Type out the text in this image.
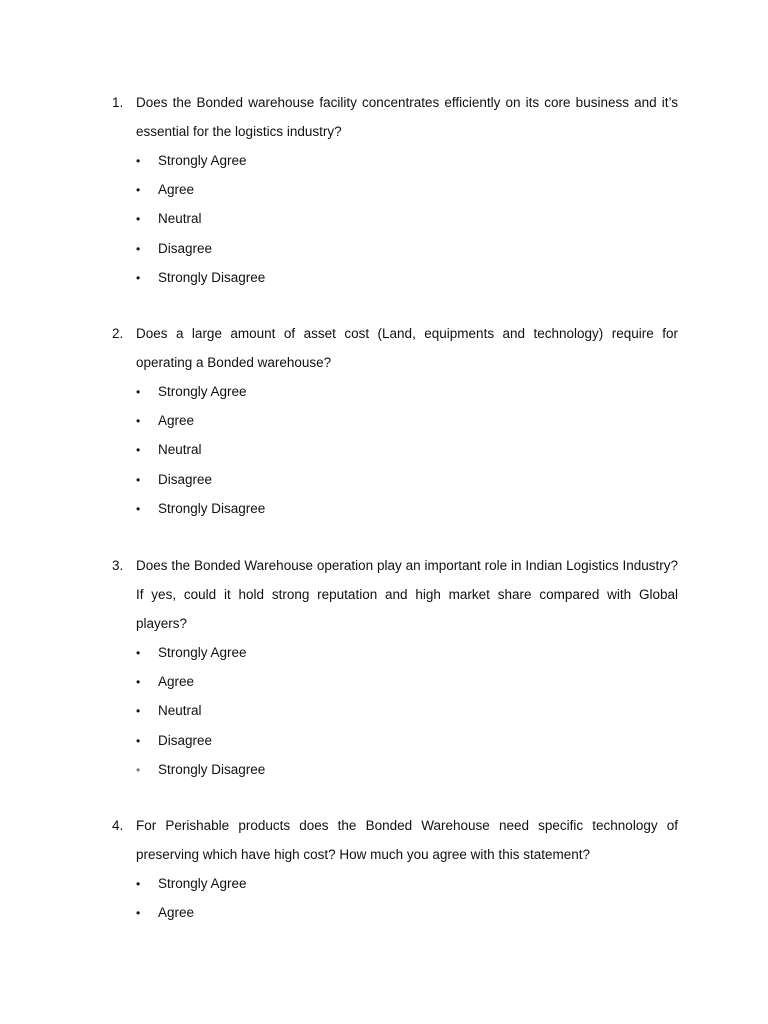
1. Does the Bonded warehouse facility concentrates efficiently on its core business and it’s essential for the logistics industry?
•	Strongly Agree
•	Agree
•	Neutral
•	Disagree
•	Strongly Disagree
2. Does a large amount of asset cost (Land, equipments and technology) require for operating a Bonded warehouse?
•	Strongly Agree
•	Agree
•	Neutral
•	Disagree
•	Strongly Disagree
3. Does the Bonded Warehouse operation play an important role in Indian Logistics Industry? If yes, could it hold strong reputation and high market share compared with Global players?
•	Strongly Agree
•	Agree
•	Neutral
•	Disagree
•	Strongly Disagree
4. For Perishable products does the Bonded Warehouse need specific technology of preserving which have high cost? How much you agree with this statement?
•	Strongly Agree
•	Agree
